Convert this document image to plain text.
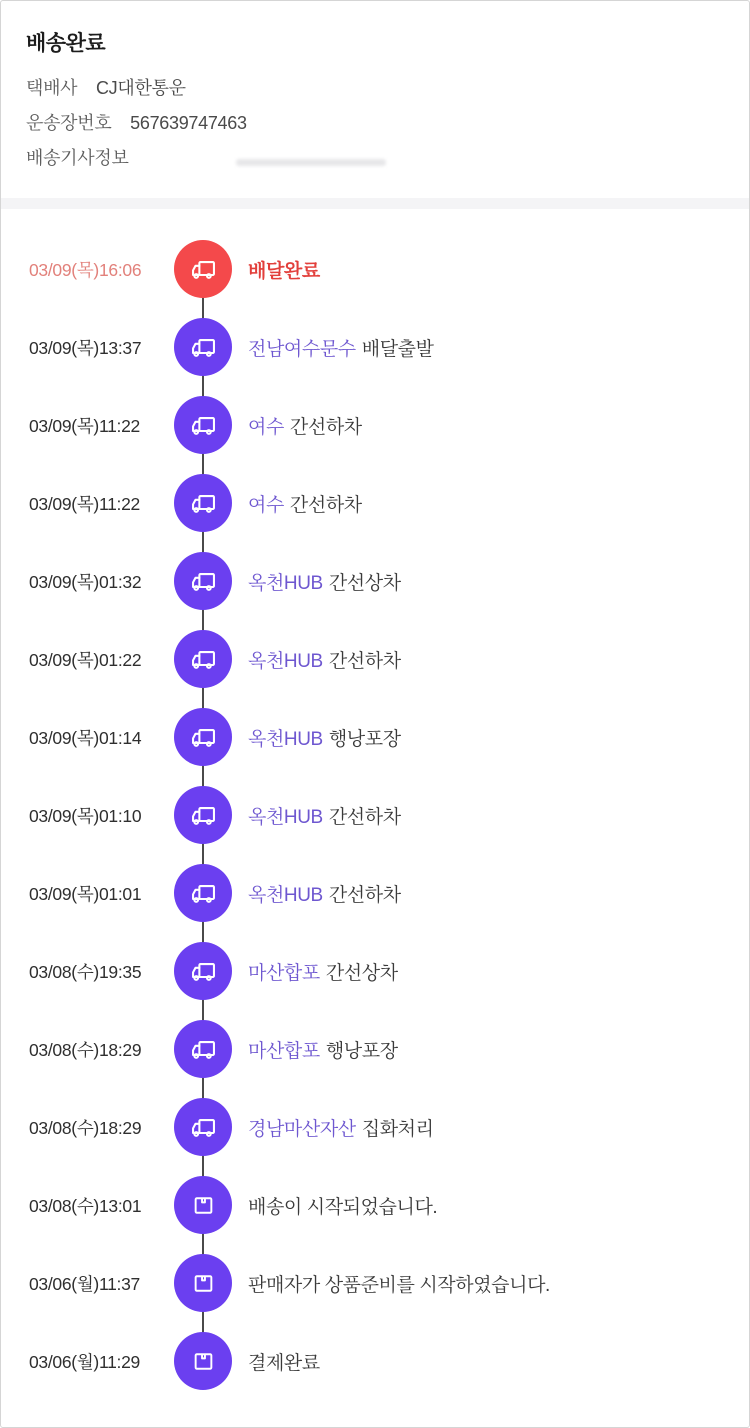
배송완료
택배사 CJ대한통운
운송장번호 567639747463
배송기사정보
03/09(목)16:06	배달완료
03/09(목)13:37	전남여수문수 배달출발
03/09(목)11:22	여수 간선하차
03/09(목)11:22	여수 간선하차
03/09(목)01:32	옥천HUB 간선상차
03/09(목)01:22	옥천HUB 간선하차
03/09(목)01:14	옥천HUB 행낭포장
03/09(목)01:10	옥천HUB 간선하차
03/09(목)01:01	옥천HUB 간선하차
03/08(수)19:35	마산합포 간선상차
03/08(수)18:29	마산합포 행낭포장
03/08(수)18:29	경남마산자산 집화처리
03/08(수)13:01	배송이 시작되었습니다.
03/06(월)11:37	판매자가 상품준비를 시작하였습니다.
03/06(월)11:29	결제완료
